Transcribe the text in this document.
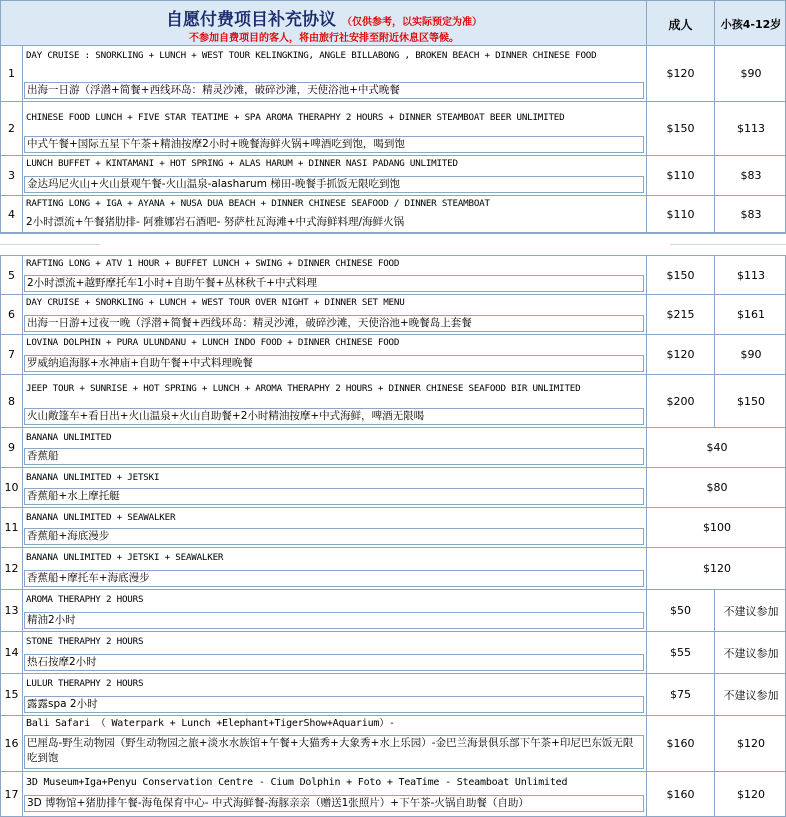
自愿付费项目补充协议 （仅供参考，以实际预定为准）
不参加自费项目的客人，将由旅行社安排至附近休息区等候。
成人	小孩4-12岁
1
DAY CRUISE : SNORKLING + LUNCH + WEST TOUR KELINGKING, ANGLE BILLABONG , BROKEN BEACH + DINNER CHINESE FOOD
出海一日游（浮潜+简餐+西线环岛：精灵沙滩，破碎沙滩，天使浴池+中式晚餐
$120	$90
2
CHINESE FOOD LUNCH + FIVE STAR TEATIME + SPA AROMA THERAPHY 2 HOURS + DINNER STEAMBOAT BEER UNLIMITED
中式午餐+国际五星下午茶+精油按摩2小时+晚餐海鲜火锅+啤酒吃到饱，喝到饱
$150	$113
3
LUNCH BUFFET + KINTAMANI + HOT SPRING + ALAS HARUM + DINNER NASI PADANG UNLIMITED
金达玛尼火山+火山景观午餐-火山温泉-alasharum 梯田-晚餐手抓饭无限吃到饱
$110	$83
4
RAFTING LONG + IGA + AYANA + NUSA DUA BEACH + DINNER CHINESE SEAFOOD / DINNER STEAMBOAT
2小时漂流+午餐猪肋排- 阿雅娜岩石酒吧- 努萨杜瓦海滩+中式海鲜料理/海鲜火锅
$110	$83
5
RAFTING LONG + ATV 1 HOUR + BUFFET LUNCH + SWING + DINNER CHINESE FOOD
2小时漂流+越野摩托车1小时+自助午餐+丛林秋千+中式料理
$150	$113
6
DAY CRUISE + SNORKLING + LUNCH + WEST TOUR OVER NIGHT + DINNER SET MENU
出海一日游+过夜一晚（浮潜+简餐+西线环岛：精灵沙滩，破碎沙滩，天使浴池+晚餐岛上套餐
$215	$161
7
LOVINA DOLPHIN + PURA ULUNDANU + LUNCH INDO FOOD + DINNER CHINESE FOOD
罗威纳追海豚+水神庙+自助午餐+中式料理晚餐
$120	$90
8
JEEP TOUR + SUNRISE + HOT SPRING + LUNCH + AROMA THERAPHY 2 HOURS + DINNER CHINESE SEAFOOD BIR UNLIMITED
火山敞篷车+看日出+火山温泉+火山自助餐+2小时精油按摩+中式海鲜，啤酒无限喝
$200	$150
9
BANANA UNLIMITED
香蕉船
$40
10
BANANA UNLIMITED + JETSKI
香蕉船+水上摩托艇
$80
11
BANANA UNLIMITED + SEAWALKER
香蕉船+海底漫步
$100
12
BANANA UNLIMITED + JETSKI + SEAWALKER
香蕉船+摩托车+海底漫步
$120
13
AROMA THERAPHY 2 HOURS
精油2小时
$50	不建议参加
14
STONE THERAPHY 2 HOURS
热石按摩2小时
$55	不建议参加
15
LULUR THERAPHY 2 HOURS
露露spa 2小时
$75	不建议参加
16
Bali Safari （ Waterpark + Lunch +Elephant+TigerShow+Aquarium）-
巴厘岛-野生动物园（野生动物园之旅+淡水水族馆+午餐+大猫秀+大象秀+水上乐园）-金巴兰海景俱乐部下午茶+印尼巴东饭无限吃到饱
$160	$120
17
3D Museum+Iga+Penyu Conservation Centre - Cium Dolphin + Foto + TeaTime - Steamboat Unlimited
3D 博物馆+猪肋排午餐-海龟保育中心- 中式海鲜餐-海豚亲亲（赠送1张照片）+下午茶-火锅自助餐（自助）
$160	$120
